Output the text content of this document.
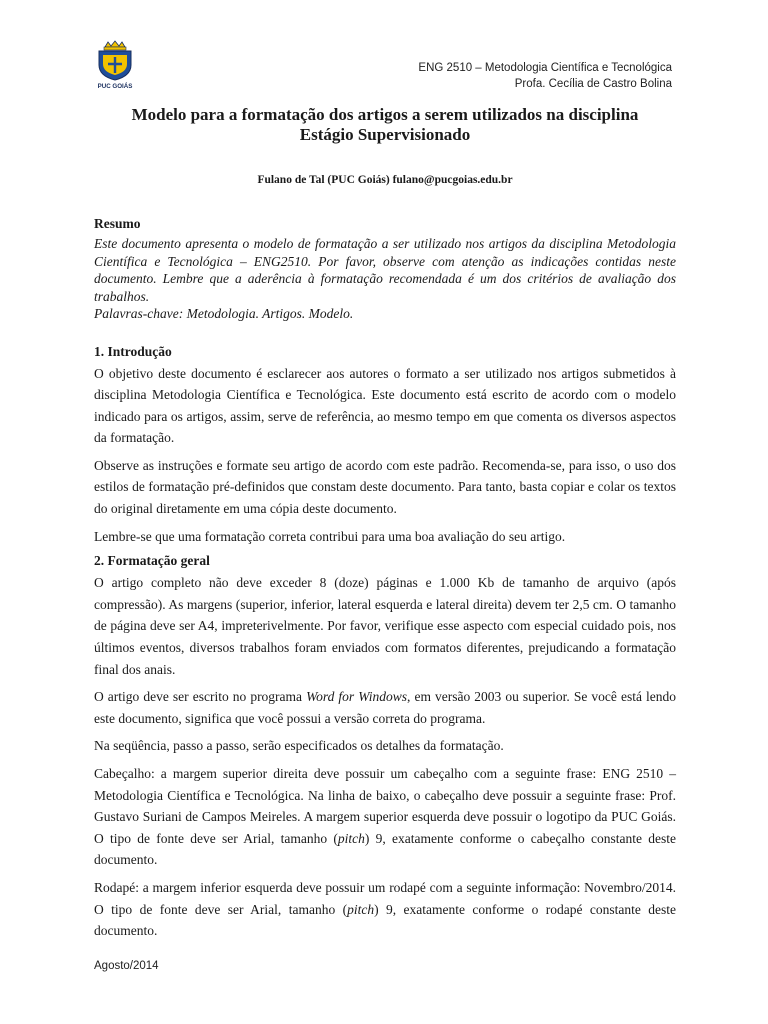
PUC GOIÁS
ENG 2510 – Metodologia Científica e Tecnológica
Profa. Cecília de Castro Bolina
Modelo para a formatação dos artigos a serem utilizados na disciplina
Estágio Supervisionado

Fulano de Tal (PUC Goiás) fulano@pucgoias.edu.br

Resumo

Este documento apresenta o modelo de formatação a ser utilizado nos artigos da disciplina Metodologia Científica e Tecnológica – ENG2510. Por favor, observe com atenção as indicações contidas neste documento. Lembre que a aderência à formatação recomendada é um dos critérios de avaliação dos trabalhos.

Palavras-chave: Metodologia. Artigos. Modelo.

1. Introdução

O objetivo deste documento é esclarecer aos autores o formato a ser utilizado nos artigos submetidos à disciplina Metodologia Científica e Tecnológica. Este documento está escrito de acordo com o modelo indicado para os artigos, assim, serve de referência, ao mesmo tempo em que comenta os diversos aspectos da formatação.

Observe as instruções e formate seu artigo de acordo com este padrão. Recomenda-se, para isso, o uso dos estilos de formatação pré-definidos que constam deste documento. Para tanto, basta copiar e colar os textos do original diretamente em uma cópia deste documento.

Lembre-se que uma formatação correta contribui para uma boa avaliação do seu artigo.

2. Formatação geral

O artigo completo não deve exceder 8 (doze) páginas e 1.000 Kb de tamanho de arquivo (após compressão). As margens (superior, inferior, lateral esquerda e lateral direita) devem ter 2,5 cm. O tamanho de página deve ser A4, impreterivelmente. Por favor, verifique esse aspecto com especial cuidado pois, nos últimos eventos, diversos trabalhos foram enviados com formatos diferentes, prejudicando a formatação final dos anais.

O artigo deve ser escrito no programa Word for Windows, em versão 2003 ou superior. Se você está lendo este documento, significa que você possui a versão correta do programa.

Na seqüência, passo a passo, serão especificados os detalhes da formatação.

Cabeçalho: a margem superior direita deve possuir um cabeçalho com a seguinte frase: ENG 2510 – Metodologia Científica e Tecnológica. Na linha de baixo, o cabeçalho deve possuir a seguinte frase: Prof. Gustavo Suriani de Campos Meireles. A margem superior esquerda deve possuir o logotipo da PUC Goiás. O tipo de fonte deve ser Arial, tamanho (pitch) 9, exatamente conforme o cabeçalho constante deste documento.

Rodapé: a margem inferior esquerda deve possuir um rodapé com a seguinte informação: Novembro/2014. O tipo de fonte deve ser Arial, tamanho (pitch) 9, exatamente conforme o rodapé constante deste documento.

Agosto/2014
